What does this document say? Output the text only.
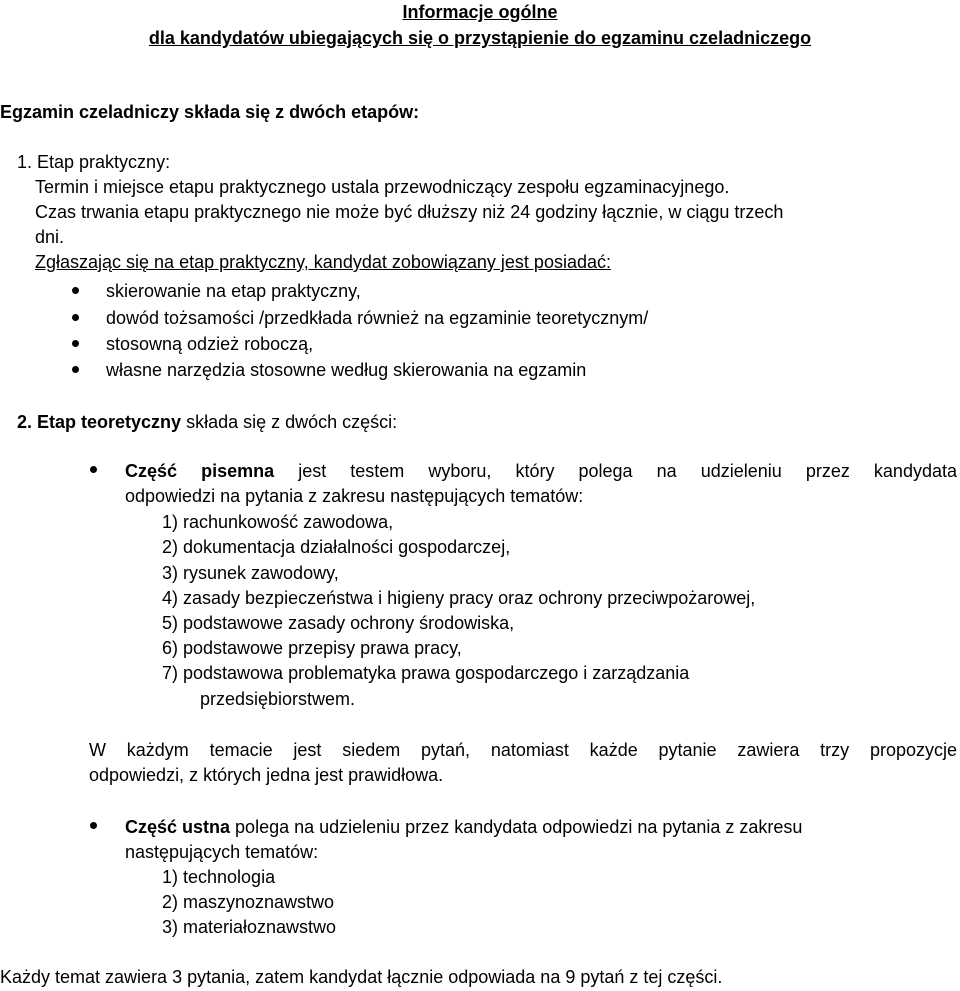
Informacje ogólne
dla kandydatów ubiegających się o przystąpienie do egzaminu czeladniczego
Egzamin czeladniczy składa się z dwóch etapów:
1. Etap praktyczny:
Termin i miejsce etapu praktycznego ustala przewodniczący zespołu egzaminacyjnego.
Czas trwania etapu praktycznego nie może być dłuższy niż 24 godziny łącznie, w ciągu trzech
dni.
Zgłaszając się na etap praktyczny, kandydat zobowiązany jest posiadać:
skierowanie na etap praktyczny,
dowód tożsamości /przedkłada również na egzaminie teoretycznym/
stosowną odzież roboczą,
własne narzędzia stosowne według skierowania na egzamin
2. Etap teoretyczny składa się z dwóch części:
Część pisemna jest testem wyboru, który polega na udzieleniu przez kandydata
odpowiedzi na pytania z zakresu następujących tematów:
1) rachunkowość zawodowa,
2) dokumentacja działalności gospodarczej,
3) rysunek zawodowy,
4) zasady bezpieczeństwa i higieny pracy oraz ochrony przeciwpożarowej,
5) podstawowe zasady ochrony środowiska,
6) podstawowe przepisy prawa pracy,
7) podstawowa problematyka prawa gospodarczego i zarządzania
przedsiębiorstwem.
W każdym temacie jest siedem pytań, natomiast każde pytanie zawiera trzy propozycje
odpowiedzi, z których jedna jest prawidłowa.
Część ustna polega na udzieleniu przez kandydata odpowiedzi na pytania z zakresu
następujących tematów:
1) technologia
2) maszynoznawstwo
3) materiałoznawstwo
Każdy temat zawiera 3 pytania, zatem kandydat łącznie odpowiada na 9 pytań z tej części.
